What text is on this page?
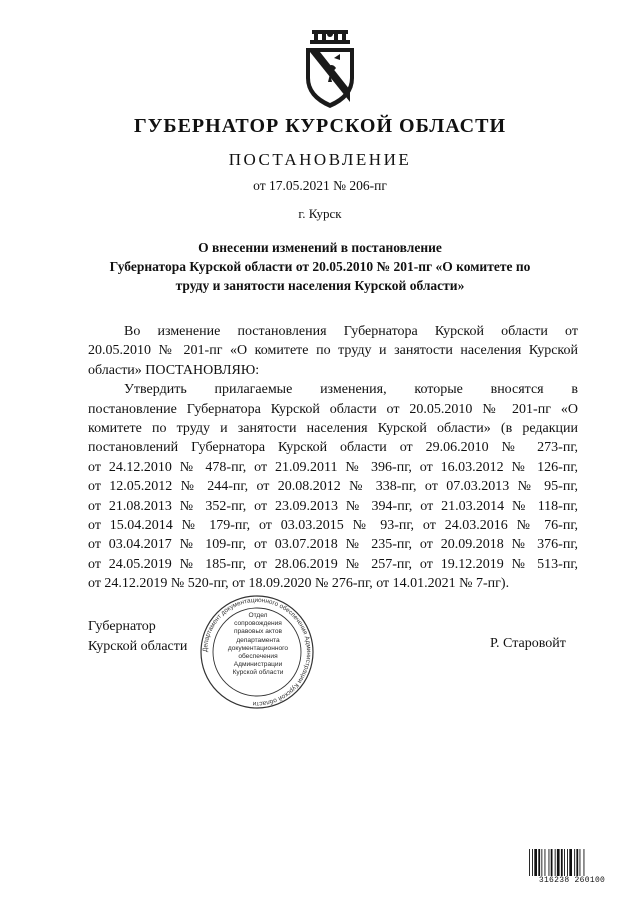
ГУБЕРНАТОР КУРСКОЙ ОБЛАСТИ
ПОСТАНОВЛЕНИЕ
от 17.05.2021 № 206-пг
г. Курск
О внесении изменений в постановление
Губернатора Курской области от 20.05.2010 № 201-пг «О комитете по
труду и занятости населения Курской области»
Во изменение постановления Губернатора Курской области от
20.05.2010 № 201-пг «О комитете по труду и занятости населения Курской
области» ПОСТАНОВЛЯЮ:
Утвердить прилагаемые изменения, которые вносятся в
постановление Губернатора Курской области от 20.05.2010 № 201-пг «О
комитете по труду и занятости населения Курской области» (в редакции
постановлений Губернатора Курской области от 29.06.2010 № 273-пг,
от 24.12.2010 № 478-пг, от 21.09.2011 № 396-пг, от 16.03.2012 № 126-пг,
от 12.05.2012 № 244-пг, от 20.08.2012 № 338-пг, от 07.03.2013 № 95-пг,
от 21.08.2013 № 352-пг, от 23.09.2013 № 394-пг, от 21.03.2014 № 118-пг,
от 15.04.2014 № 179-пг, от 03.03.2015 № 93-пг, от 24.03.2016 № 76-пг,
от 03.04.2017 № 109-пг, от 03.07.2018 № 235-пг, от 20.09.2018 № 376-пг,
от 24.05.2019 № 185-пг, от 28.06.2019 № 257-пг, от 19.12.2019 № 513-пг,
от 24.12.2019 № 520-пг, от 18.09.2020 № 276-пг, от 14.01.2021 № 7-пг).
Губернатор
Курской области	Р. Старовойт
Департамент документационного обеспечения Администрации Курской области
Отдел
сопровождения
правовых актов
департамента
документационного
обеспечения
Администрации
Курской области
316238 260100
